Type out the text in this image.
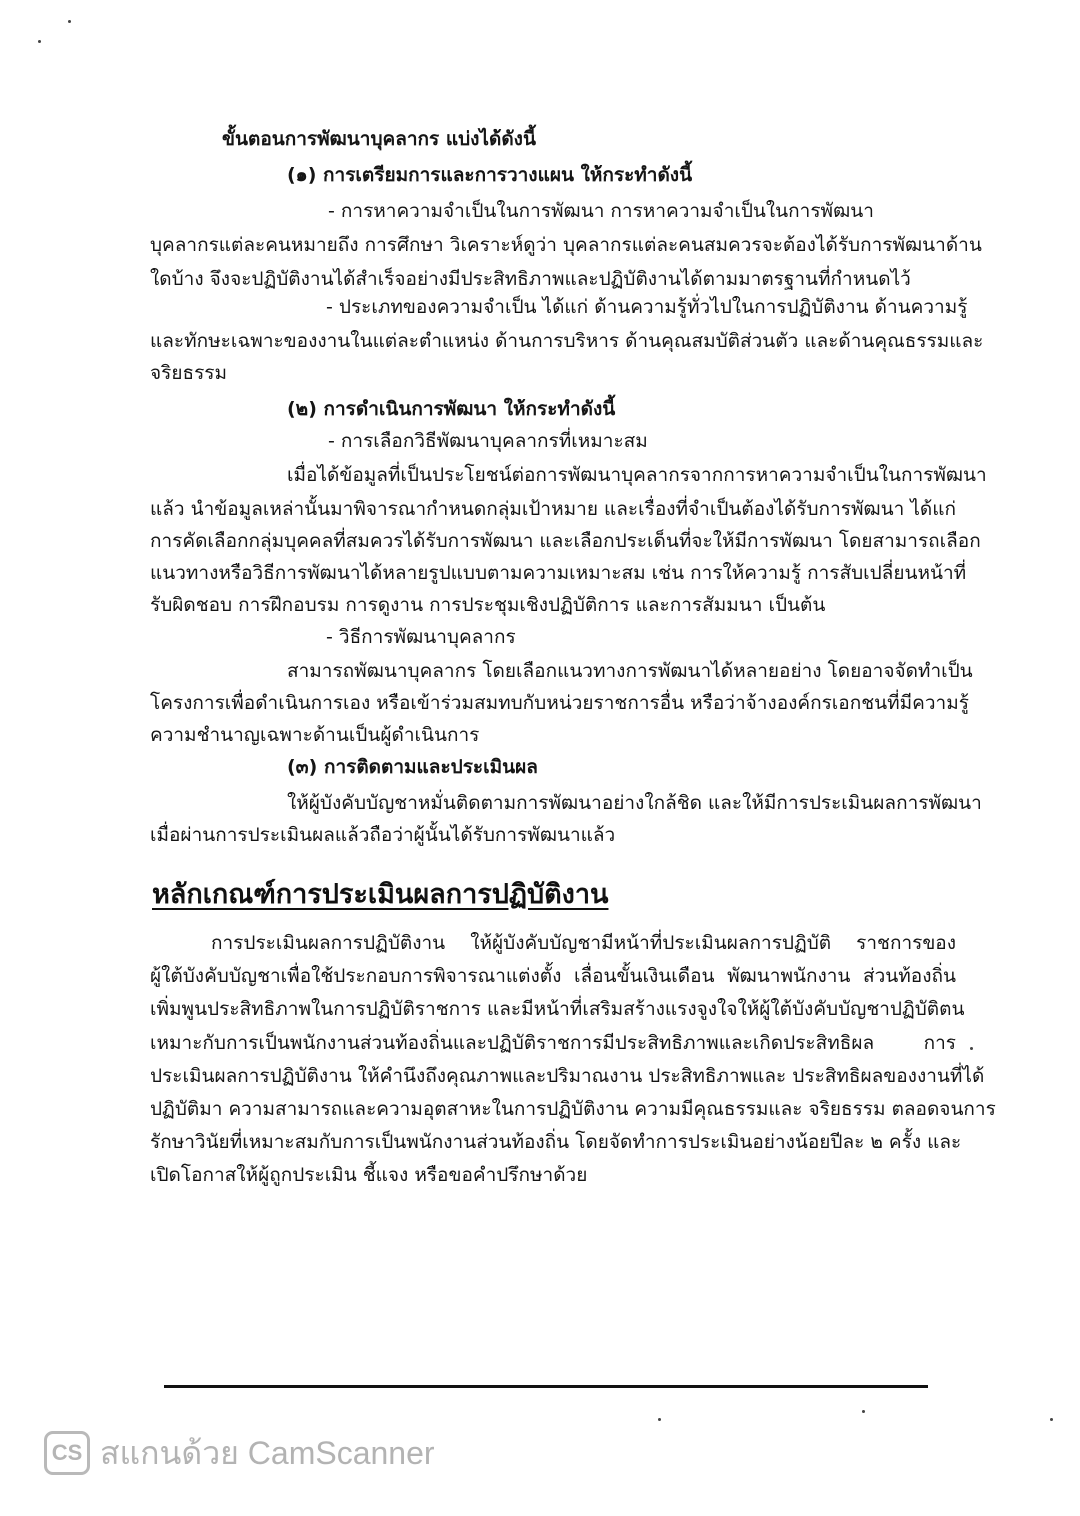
ขั้นตอนการพัฒนาบุคลากร แบ่งได้ดังนี้

(๑) การเตรียมการและการวางแผน ให้กระทำดังนี้

- การหาความจำเป็นในการพัฒนา การหาความจำเป็นในการพัฒนา

บุคลากรแต่ละคนหมายถึง การศึกษา วิเคราะห์ดูว่า บุคลากรแต่ละคนสมควรจะต้องได้รับการพัฒนาด้าน

ใดบ้าง จึงจะปฏิบัติงานได้สำเร็จอย่างมีประสิทธิภาพและปฏิบัติงานได้ตามมาตรฐานที่กำหนดไว้

- ประเภทของความจำเป็น ได้แก่ ด้านความรู้ทั่วไปในการปฏิบัติงาน ด้านความรู้

และทักษะเฉพาะของงานในแต่ละตำแหน่ง ด้านการบริหาร ด้านคุณสมบัติส่วนตัว และด้านคุณธรรมและ

จริยธรรม

(๒) การดำเนินการพัฒนา ให้กระทำดังนี้

- การเลือกวิธีพัฒนาบุคลากรที่เหมาะสม

เมื่อได้ข้อมูลที่เป็นประโยชน์ต่อการพัฒนาบุคลากรจากการหาความจำเป็นในการพัฒนา

แล้ว นำข้อมูลเหล่านั้นมาพิจารณากำหนดกลุ่มเป้าหมาย และเรื่องที่จำเป็นต้องได้รับการพัฒนา ได้แก่

การคัดเลือกกลุ่มบุคคลที่สมควรได้รับการพัฒนา และเลือกประเด็นที่จะให้มีการพัฒนา โดยสามารถเลือก

แนวทางหรือวิธีการพัฒนาได้หลายรูปแบบตามความเหมาะสม เช่น การให้ความรู้ การสับเปลี่ยนหน้าที่

รับผิดชอบ การฝึกอบรม การดูงาน การประชุมเชิงปฏิบัติการ และการสัมมนา เป็นต้น

- วิธีการพัฒนาบุคลากร

สามารถพัฒนาบุคลากร โดยเลือกแนวทางการพัฒนาได้หลายอย่าง โดยอาจจัดทำเป็น

โครงการเพื่อดำเนินการเอง หรือเข้าร่วมสมทบกับหน่วยราชการอื่น หรือว่าจ้างองค์กรเอกชนที่มีความรู้

ความชำนาญเฉพาะด้านเป็นผู้ดำเนินการ

(๓) การติดตามและประเมินผล

ให้ผู้บังคับบัญชาหมั่นติดตามการพัฒนาอย่างใกล้ชิด และให้มีการประเมินผลการพัฒนา

เมื่อผ่านการประเมินผลแล้วถือว่าผู้นั้นได้รับการพัฒนาแล้ว

หลักเกณฑ์การประเมินผลการปฏิบัติงาน

การประเมินผลการปฏิบัติงาน ให้ผู้บังคับบัญชามีหน้าที่ประเมินผลการปฏิบัติ ราชการของ

ผู้ใต้บังคับบัญชาเพื่อใช้ประกอบการพิจารณาแต่งตั้ง เลื่อนขั้นเงินเดือน พัฒนาพนักงาน ส่วนท้องถิ่น

เพิ่มพูนประสิทธิภาพในการปฏิบัติราชการ และมีหน้าที่เสริมสร้างแรงจูงใจให้ผู้ใต้บังคับบัญชาปฏิบัติตน

เหมาะกับการเป็นพนักงานส่วนท้องถิ่นและปฏิบัติราชการมีประสิทธิภาพและเกิดประสิทธิผล การ

ประเมินผลการปฏิบัติงาน ให้คำนึงถึงคุณภาพและปริมาณงาน ประสิทธิภาพและ ประสิทธิผลของงานที่ได้

ปฏิบัติมา ความสามารถและความอุตสาหะในการปฏิบัติงาน ความมีคุณธรรมและ จริยธรรม ตลอดจนการ

รักษาวินัยที่เหมาะสมกับการเป็นพนักงานส่วนท้องถิ่น โดยจัดทำการประเมินอย่างน้อยปีละ ๒ ครั้ง และ

เปิดโอกาสให้ผู้ถูกประเมิน ชี้แจง หรือขอคำปรึกษาด้วย

CS สแกนด้วย CamScanner
